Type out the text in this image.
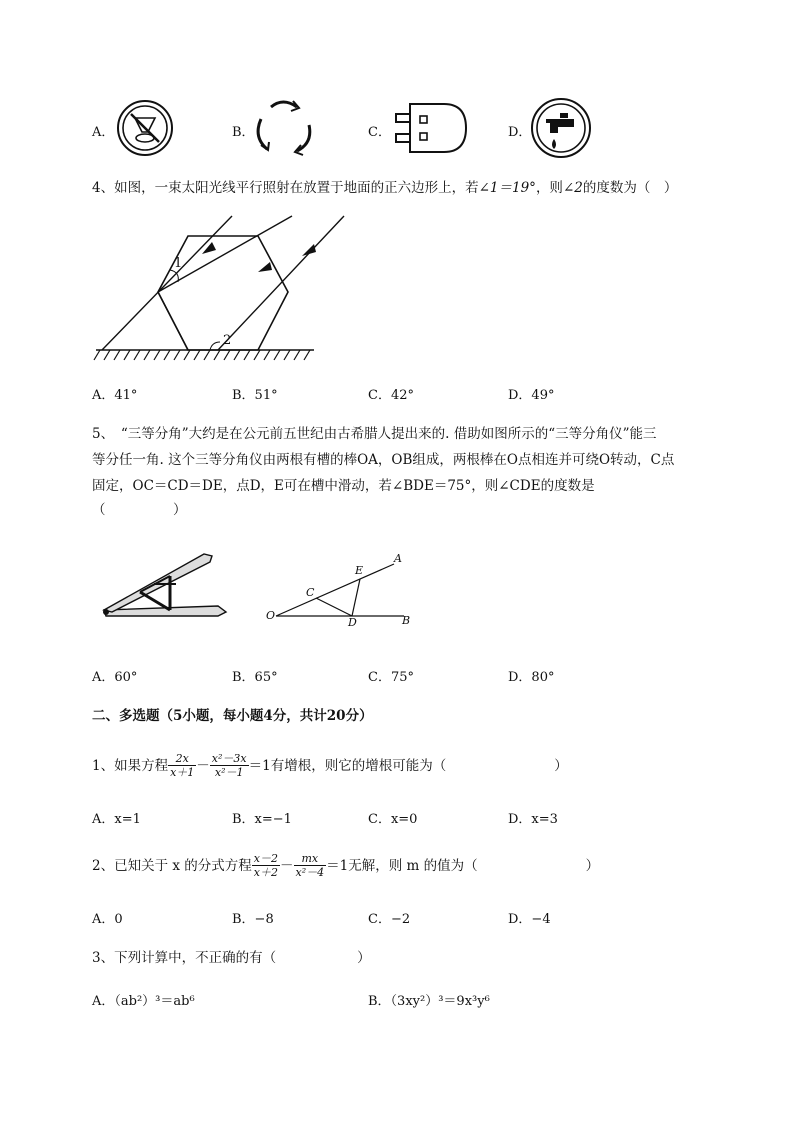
A．	B．	C．	D．
4、如图，一束太阳光线平行照射在放置于地面的正六边形上，若∠1＝19°，则∠2的度数为（　）
1
2
A．41°	B．51°	C．42°	D．49°
5、　“三等分角”大约是在公元前五世纪由古希腊人提出来的. 借助如图所示的“三等分角仪”能三
等分任一角. 这个三等分角仪由两根有槽的棒OA，OB组成，两根棒在O点相连并可绕O转动，C点
固定，OC＝CD＝DE，点D，E可在槽中滑动，若∠BDE＝75°，则∠CDE的度数是
（　　　　　）
O
C
E
A
D	B
A．60°	B．65°	C．75°	D．80°
二、多选题（5小题，每小题4分，共计20分）
1、如果方程 $\frac{2x}{x+1} - \frac{\text{x²－3x}}{\text{x²－1}} =1$ 有增根，则它的增根可能为（　　　　　　　　）
A．x=1	B．x=−1	C．x=0	D．x=3
2、已知关于 x 的分式方程 $\frac{x-2}{x+2} - \frac{mx}{\text{x²－4}} =1$ 无解，则 m 的值为（　　　　　　　　）
A．0	B．−8	C．−2	D．−4
3、下列计算中，不正确的有（　　　　　　）
A．（ab²）³＝ab⁶	B．（3xy²）³＝9x³y⁶
